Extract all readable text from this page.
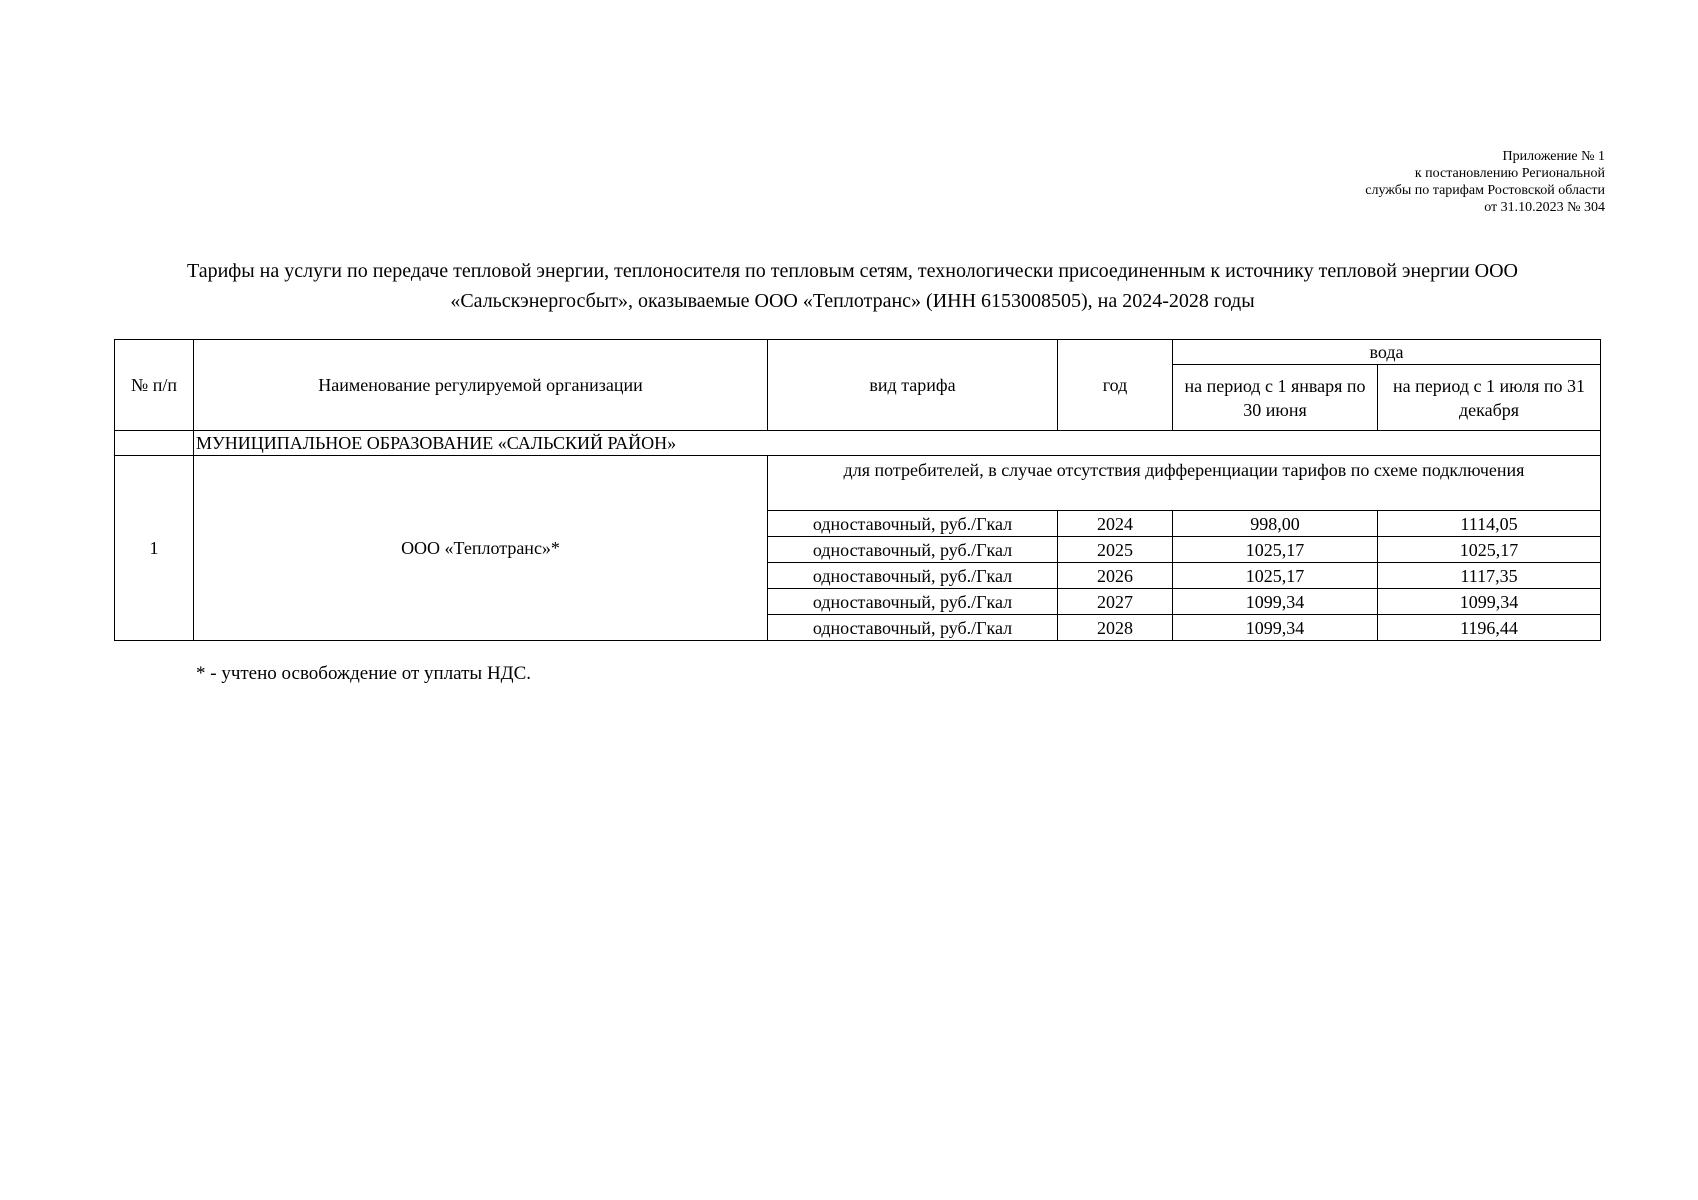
Приложение № 1
к постановлению Региональной
службы по тарифам Ростовской области
от 31.10.2023 № 304
Тарифы на услуги по передаче тепловой энергии, теплоносителя по тепловым сетям, технологически присоединенным к источнику тепловой энергии ООО «Сальскэнергосбыт», оказываемые ООО «Теплотранс» (ИНН 6153008505), на 2024-2028 годы
№ п/п	Наименование регулируемой организации	вид тарифа	год	вода	
				на период с 1 января по 30 июня	на период с 1 июля по 31 декабря
	МУНИЦИПАЛЬНОЕ ОБРАЗОВАНИЕ «САЛЬСКИЙ РАЙОН»				
1	ООО «Теплотранс»*	для потребителей, в случае отсутствия дифференциации тарифов по схеме подключения			
		одноставочный, руб./Гкал	2024	998,00	1114,05
		одноставочный, руб./Гкал	2025	1025,17	1025,17
		одноставочный, руб./Гкал	2026	1025,17	1117,35
		одноставочный, руб./Гкал	2027	1099,34	1099,34
		одноставочный, руб./Гкал	2028	1099,34	1196,44
* - учтено освобождение от уплаты НДС.
